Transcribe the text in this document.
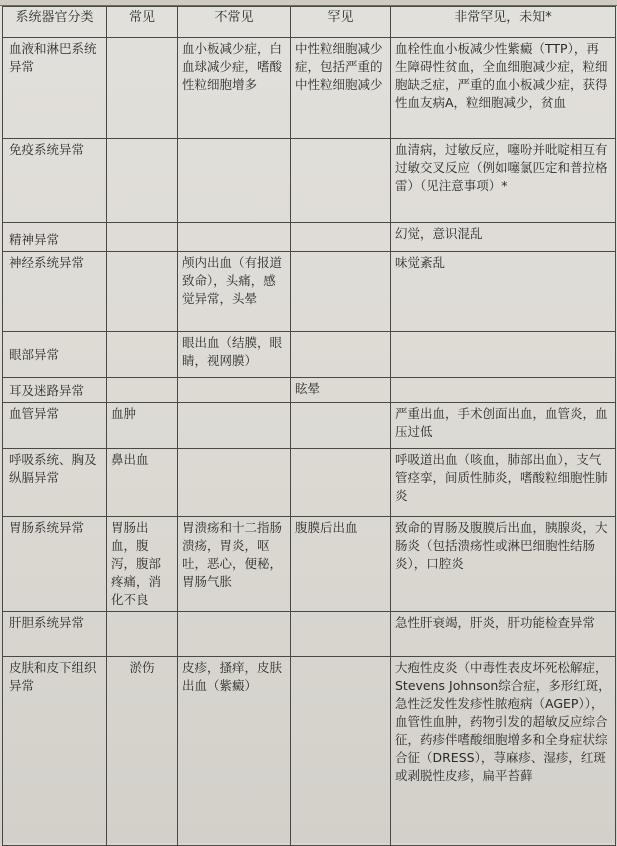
系统器官分类	常见	不常见	罕见	非常罕见，未知*
血液和淋巴系统异常		血小板减少症，白血球减少症，嗜酸性粒细胞增多	中性粒细胞减少症，包括严重的中性粒细胞减少	血栓性血小板减少性紫癜（TTP），再生障碍性贫血，全血细胞减少症，粒细胞缺乏症，严重的血小板减少症，获得性血友病A，粒细胞减少，贫血
免疫系统异常				血清病，过敏反应，噻吩并吡啶相互有过敏交叉反应（例如噻氯匹定和普拉格雷）（见注意事项）*
精神异常				幻觉，意识混乱
神经系统异常		颅内出血（有报道致命），头痛，感觉异常，头晕		味觉紊乱
眼部异常		眼出血（结膜，眼睛，视网膜）		
耳及迷路异常			眩晕	
血管异常	血肿			严重出血，手术创面出血，血管炎，血压过低
呼吸系统、胸及纵膈异常	鼻出血			呼吸道出血（咳血，肺部出血），支气管痉挛，间质性肺炎，嗜酸粒细胞性肺炎
胃肠系统异常	胃肠出血，腹泻，腹部疼痛，消化不良	胃溃疡和十二指肠溃疡，胃炎，呕吐，恶心，便秘，胃肠气胀	腹膜后出血	致命的胃肠及腹膜后出血，胰腺炎，大肠炎（包括溃疡性或淋巴细胞性结肠炎），口腔炎
肝胆系统异常				急性肝衰竭，肝炎，肝功能检查异常
皮肤和皮下组织异常	淤伤	皮疹，搔痒，皮肤出血（紫癜）		大疱性皮炎（中毒性表皮坏死松解症，Stevens Johnson综合症，多形红斑，急性泛发性发疹性脓疱病（AGEP）），血管性血肿，药物引发的超敏反应综合征，药疹伴嗜酸细胞增多和全身症状综合征（DRESS），荨麻疹、湿疹，红斑或剥脱性皮疹，扁平苔藓
